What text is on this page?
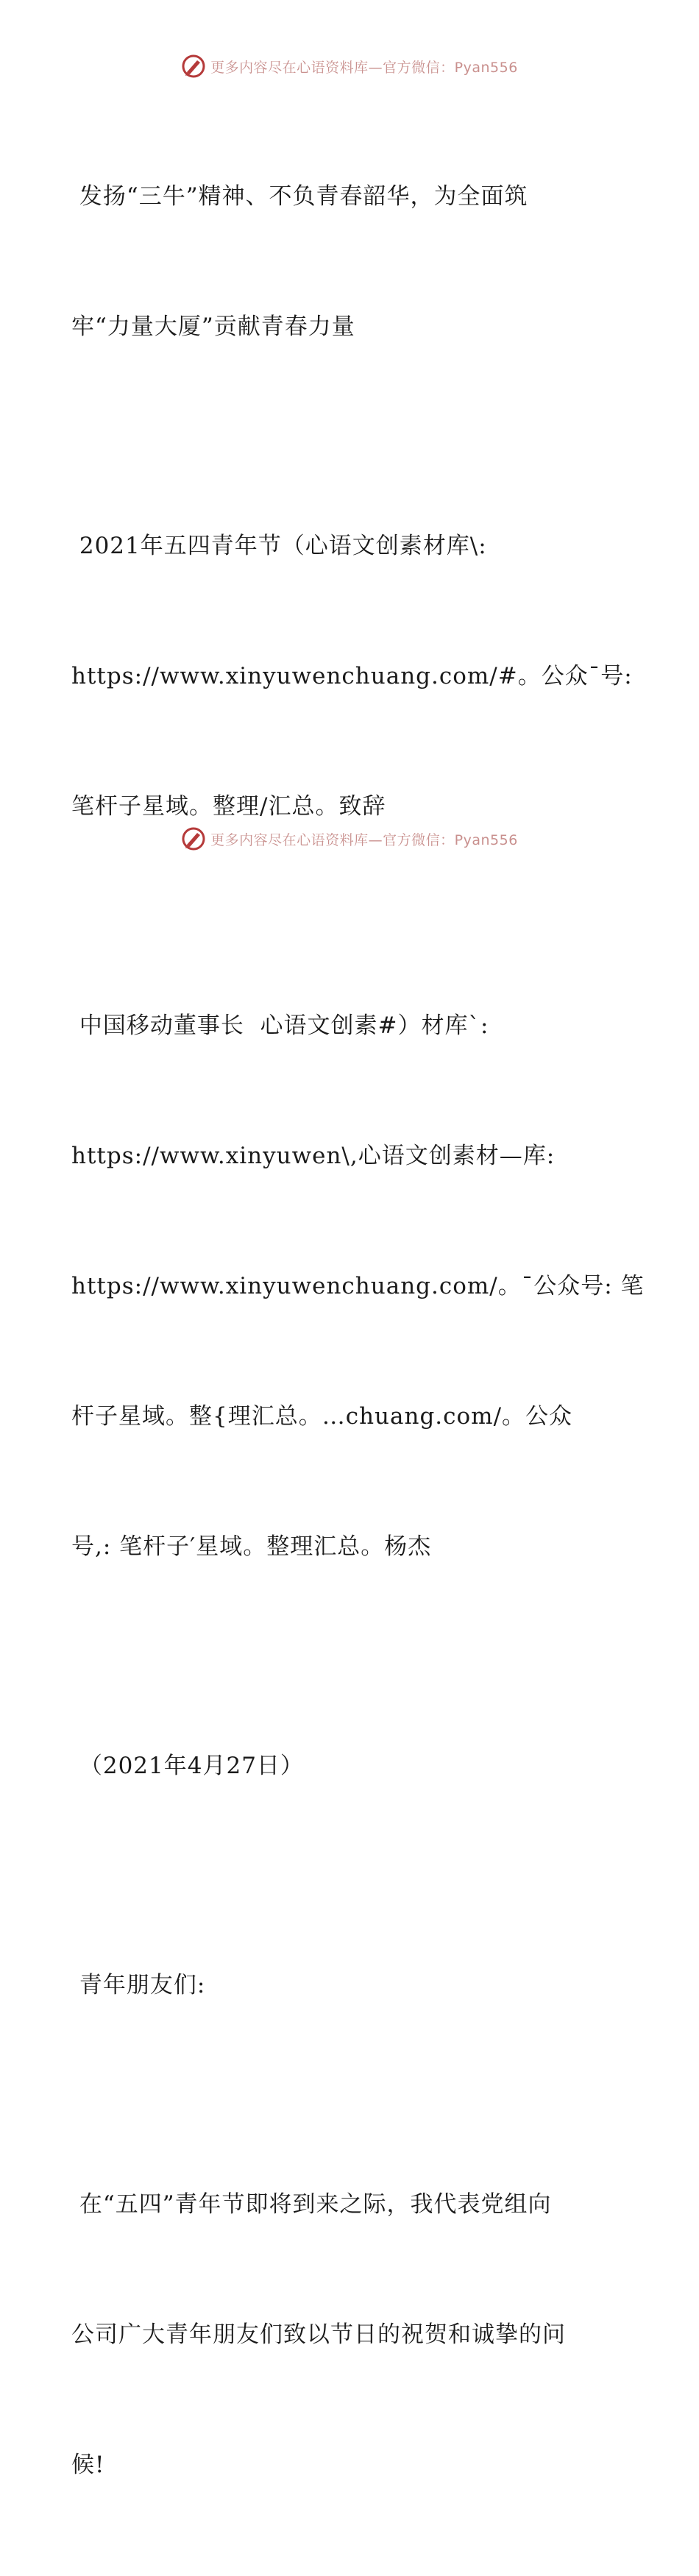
更多内容尽在心语资料库—官方微信：Pyan556

发扬“三牛”精神、不负青春韶华，为全面筑

牢“力量大厦”贡献青春力量

2021年五四青年节（心语文创素材库\:

https://www.xinyuwenchuang.com/#。公众¯号:

笔杆子星域。整理/汇总。致辞

中国移动董事长  心语文创素#）材库`:

https://www.xinyuwen\,心语文创素材—库:

https://www.xinyuwenchuang.com/。¯公众号: 笔

杆子星域。整{理汇总。…chuang.com/。公众

号,: 笔杆子′星域。整理汇总。杨杰

（2021年4月27日）

青年朋友们:

在“五四”青年节即将到来之际，我代表党组向

公司广大青年朋友们致以节日的祝贺和诚挚的问

候!

更多内容尽在心语资料库—官方微信：Pyan556
